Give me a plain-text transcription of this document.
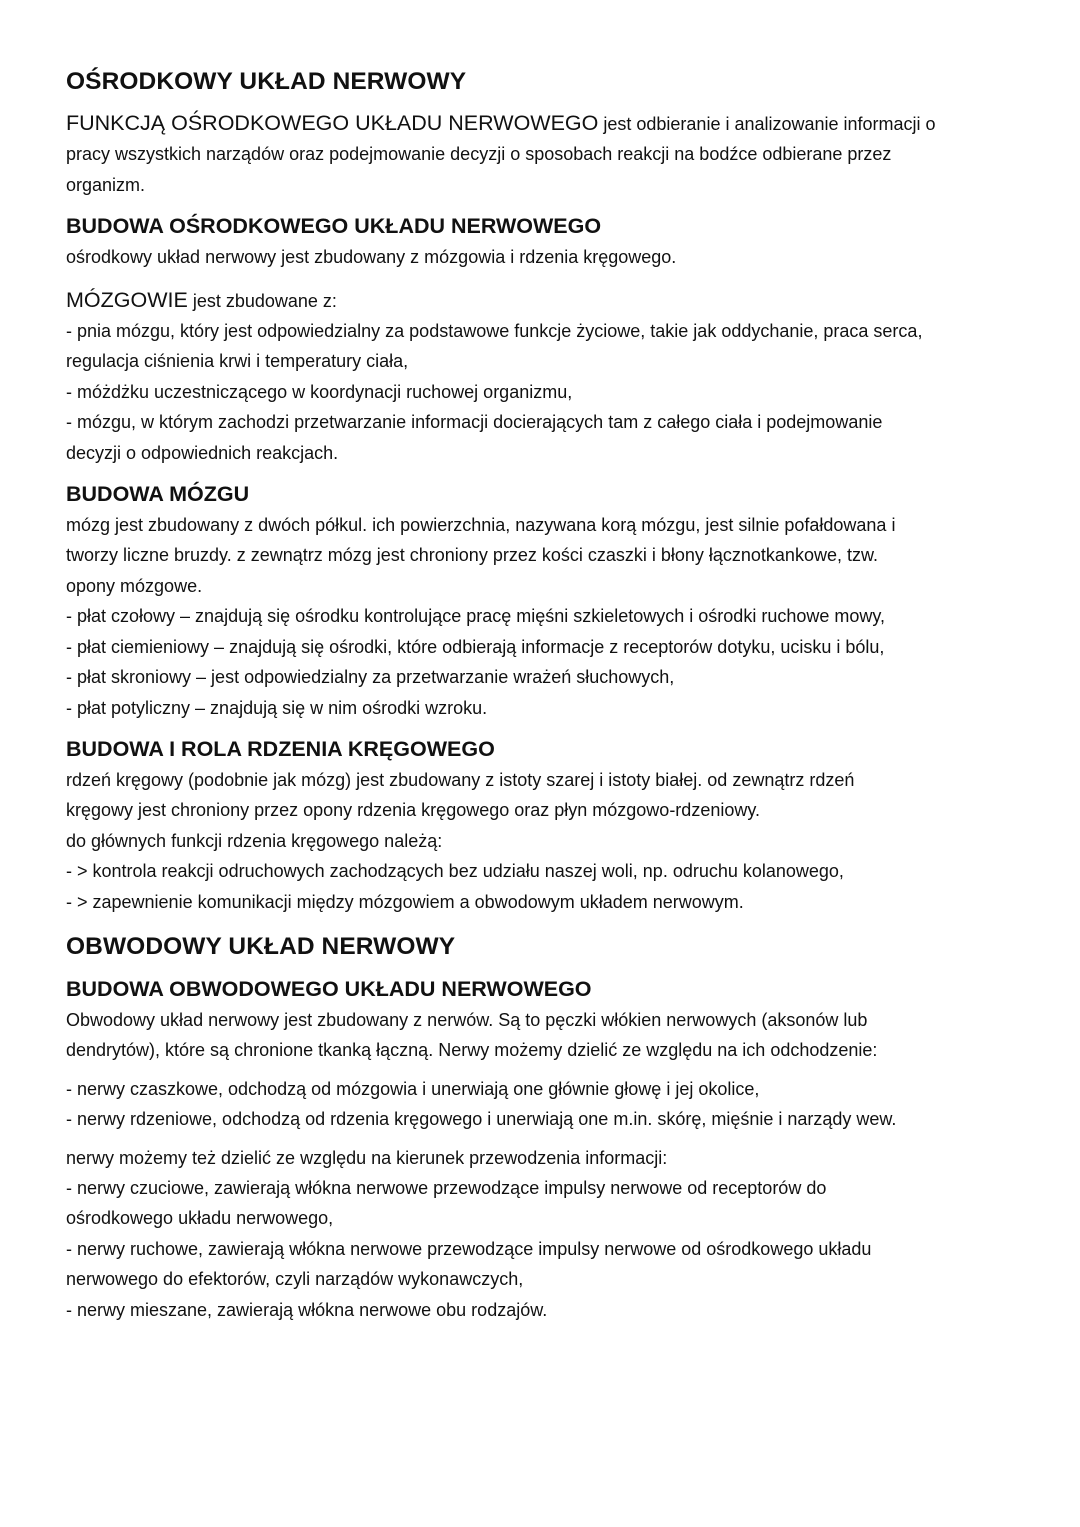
OŚRODKOWY UKŁAD NERWOWY

FUNKCJĄ OŚRODKOWEGO UKŁADU NERWOWEGO jest odbieranie i analizowanie informacji o

pracy wszystkich narządów oraz podejmowanie decyzji o sposobach reakcji na bodźce odbierane przez

organizm.

BUDOWA OŚRODKOWEGO UKŁADU NERWOWEGO

ośrodkowy układ nerwowy jest zbudowany z mózgowia i rdzenia kręgowego.

MÓZGOWIE jest zbudowane z:

- pnia mózgu, który jest odpowiedzialny za podstawowe funkcje życiowe, takie jak oddychanie, praca serca,

regulacja ciśnienia krwi i temperatury ciała,

- móżdżku uczestniczącego w koordynacji ruchowej organizmu,

- mózgu, w którym zachodzi przetwarzanie informacji docierających tam z całego ciała i podejmowanie

decyzji o odpowiednich reakcjach.

BUDOWA MÓZGU

mózg jest zbudowany z dwóch półkul. ich powierzchnia, nazywana korą mózgu, jest silnie pofałdowana i

tworzy liczne bruzdy. z zewnątrz mózg jest chroniony przez kości czaszki i błony łącznotkankowe, tzw.

opony mózgowe.

- płat czołowy – znajdują się ośrodku kontrolujące pracę mięśni szkieletowych i ośrodki ruchowe mowy,

- płat ciemieniowy – znajdują się ośrodki, które odbierają informacje z receptorów dotyku, ucisku i bólu,

- płat skroniowy – jest odpowiedzialny za przetwarzanie wrażeń słuchowych,

- płat potyliczny – znajdują się w nim ośrodki wzroku.

BUDOWA I ROLA RDZENIA KRĘGOWEGO

rdzeń kręgowy (podobnie jak mózg) jest zbudowany z istoty szarej i istoty białej. od zewnątrz rdzeń

kręgowy jest chroniony przez opony rdzenia kręgowego oraz płyn mózgowo-rdzeniowy.

do głównych funkcji rdzenia kręgowego należą:

- > kontrola reakcji odruchowych zachodzących bez udziału naszej woli, np. odruchu kolanowego,

- > zapewnienie komunikacji między mózgowiem a obwodowym układem nerwowym.

OBWODOWY UKŁAD NERWOWY
BUDOWA OBWODOWEGO UKŁADU NERWOWEGO

Obwodowy układ nerwowy jest zbudowany z nerwów. Są to pęczki włókien nerwowych (aksonów lub

dendrytów), które są chronione tkanką łączną. Nerwy możemy dzielić ze względu na ich odchodzenie:

- nerwy czaszkowe, odchodzą od mózgowia i unerwiają one głównie głowę i jej okolice,

- nerwy rdzeniowe, odchodzą od rdzenia kręgowego i unerwiają one m.in. skórę, mięśnie i narządy wew.

nerwy możemy też dzielić ze względu na kierunek przewodzenia informacji:

- nerwy czuciowe, zawierają włókna nerwowe przewodzące impulsy nerwowe od receptorów do

ośrodkowego układu nerwowego,

- nerwy ruchowe, zawierają włókna nerwowe przewodzące impulsy nerwowe od ośrodkowego układu

nerwowego do efektorów, czyli narządów wykonawczych,

- nerwy mieszane, zawierają włókna nerwowe obu rodzajów.
